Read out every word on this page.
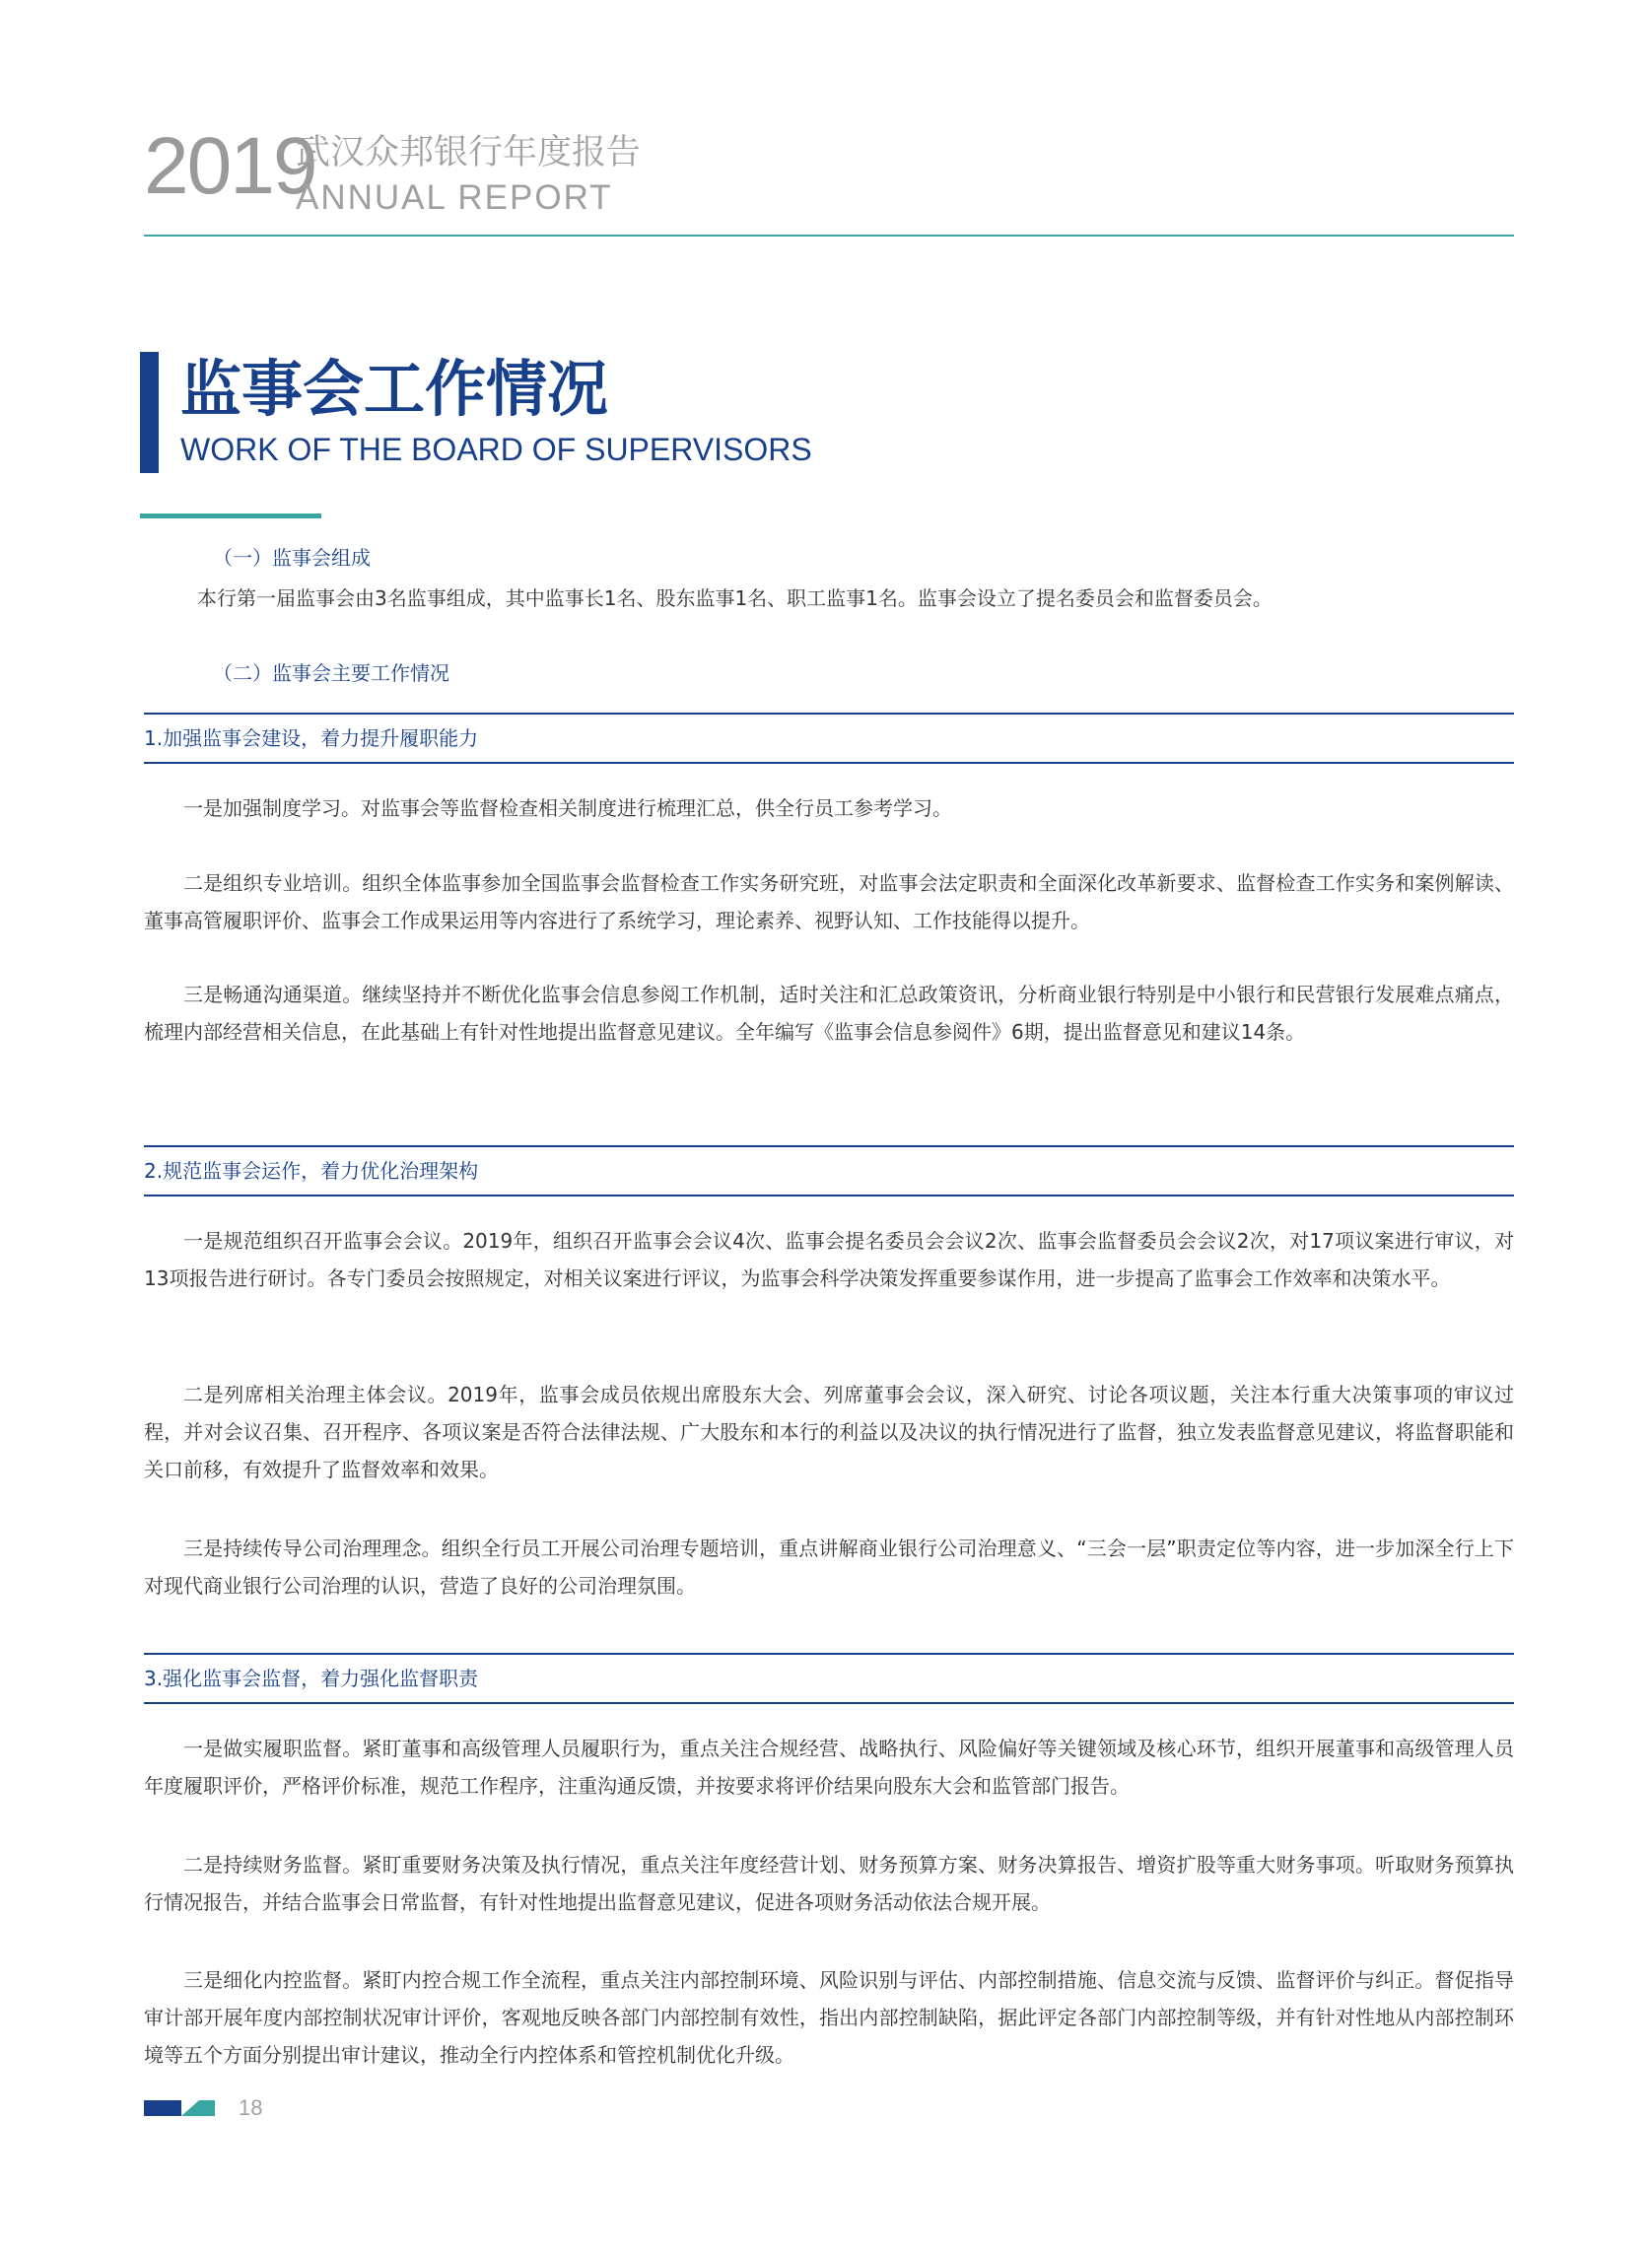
2019
武汉众邦银行年度报告
ANNUAL REPORT
监事会工作情况
WORK OF THE BOARD OF SUPERVISORS
（一）监事会组成
本行第一届监事会由3名监事组成，其中监事长1名、股东监事1名、职工监事1名。监事会设立了提名委员会和监督委员会。
（二）监事会主要工作情况
1.加强监事会建设，着力提升履职能力
一是加强制度学习。对监事会等监督检查相关制度进行梳理汇总，供全行员工参考学习。
二是组织专业培训。组织全体监事参加全国监事会监督检查工作实务研究班，对监事会法定职责和全面深化改革新要求、监督检查工作实务和案例解读、董事高管履职评价、监事会工作成果运用等内容进行了系统学习，理论素养、视野认知、工作技能得以提升。
三是畅通沟通渠道。继续坚持并不断优化监事会信息参阅工作机制，适时关注和汇总政策资讯，分析商业银行特别是中小银行和民营银行发展难点痛点，梳理内部经营相关信息，在此基础上有针对性地提出监督意见建议。全年编写《监事会信息参阅件》6期，提出监督意见和建议14条。
2.规范监事会运作，着力优化治理架构
一是规范组织召开监事会会议。2019年，组织召开监事会会议4次、监事会提名委员会会议2次、监事会监督委员会会议2次，对17项议案进行审议，对13项报告进行研讨。各专门委员会按照规定，对相关议案进行评议，为监事会科学决策发挥重要参谋作用，进一步提高了监事会工作效率和决策水平。
二是列席相关治理主体会议。2019年，监事会成员依规出席股东大会、列席董事会会议，深入研究、讨论各项议题，关注本行重大决策事项的审议过程，并对会议召集、召开程序、各项议案是否符合法律法规、广大股东和本行的利益以及决议的执行情况进行了监督，独立发表监督意见建议，将监督职能和关口前移，有效提升了监督效率和效果。
三是持续传导公司治理理念。组织全行员工开展公司治理专题培训，重点讲解商业银行公司治理意义、“三会一层”职责定位等内容，进一步加深全行上下对现代商业银行公司治理的认识，营造了良好的公司治理氛围。
3.强化监事会监督，着力强化监督职责
一是做实履职监督。紧盯董事和高级管理人员履职行为，重点关注合规经营、战略执行、风险偏好等关键领域及核心环节，组织开展董事和高级管理人员年度履职评价，严格评价标准，规范工作程序，注重沟通反馈，并按要求将评价结果向股东大会和监管部门报告。
二是持续财务监督。紧盯重要财务决策及执行情况，重点关注年度经营计划、财务预算方案、财务决算报告、增资扩股等重大财务事项。听取财务预算执行情况报告，并结合监事会日常监督，有针对性地提出监督意见建议，促进各项财务活动依法合规开展。
三是细化内控监督。紧盯内控合规工作全流程，重点关注内部控制环境、风险识别与评估、内部控制措施、信息交流与反馈、监督评价与纠正。督促指导审计部开展年度内部控制状况审计评价，客观地反映各部门内部控制有效性，指出内部控制缺陷，据此评定各部门内部控制等级，并有针对性地从内部控制环境等五个方面分别提出审计建议，推动全行内控体系和管控机制优化升级。
18
